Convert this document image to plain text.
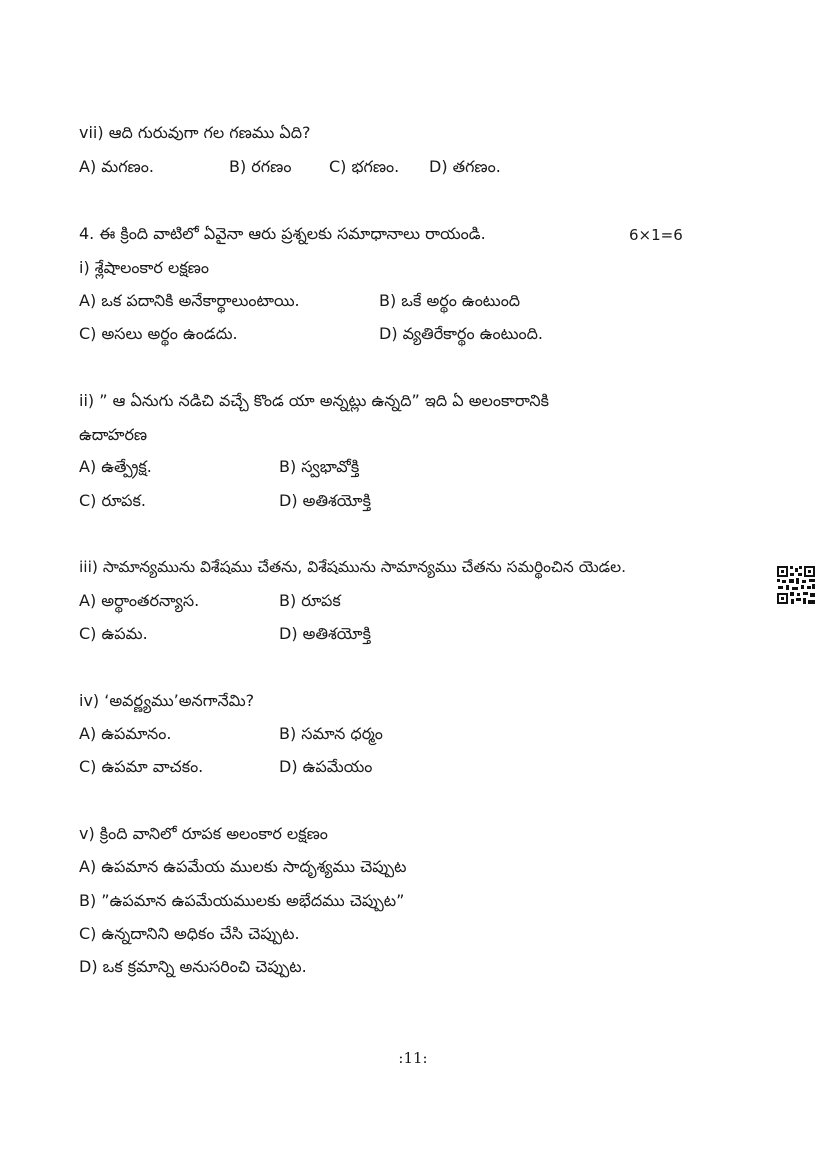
vii) ఆది గురువుగా గల గణము ఏది?
A) మగణం.	B) రగణం C) భగణం. D) తగణం.
4. ఈ క్రింది వాటిలో ఏవైనా ఆరు ప్రశ్నలకు సమాధానాలు రాయండి.	6×1=6
i) శ్లేషాలంకార లక్షణం
A) ఒక పదానికి అనేకార్థాలుంటాయి.	B) ఒకే అర్థం ఉంటుంది
C) అసలు అర్థం ఉండదు.	D) వ్యతిరేకార్థం ఉంటుంది.
ii) ” ఆ ఏనుగు నడిచి వచ్చే కొండ యా అన్నట్లు ఉన్నది” ఇది ఏ అలంకారానికి
ఉదాహరణ
A) ఉత్ప్రేక్ష.	B) స్వభావోక్తి
C) రూపక.	D) అతిశయోక్తి
iii) సామాన్యమును విశేషము చేతను, విశేషమును సామాన్యము చేతను సమర్థించిన యెడల.
A) అర్థాంతరన్యాస.	B) రూపక
C) ఉపమ.	D) అతిశయోక్తి
iv) ‘అవర్ణ్యము’అనగానేమి?
A) ఉపమానం.	B) సమాన ధర్మం
C) ఉపమా వాచకం.	D) ఉపమేయం
v) క్రింది వానిలో రూపక అలంకార లక్షణం
A) ఉపమాన ఉపమేయ ములకు సాదృశ్యము చెప్పుట
B) ”ఉపమాన ఉపమేయములకు అభేదము చెప్పుట”
C) ఉన్నదానిని అధికం చేసి చెప్పుట.
D) ఒక క్రమాన్ని అనుసరించి చెప్పుట.
:11:
